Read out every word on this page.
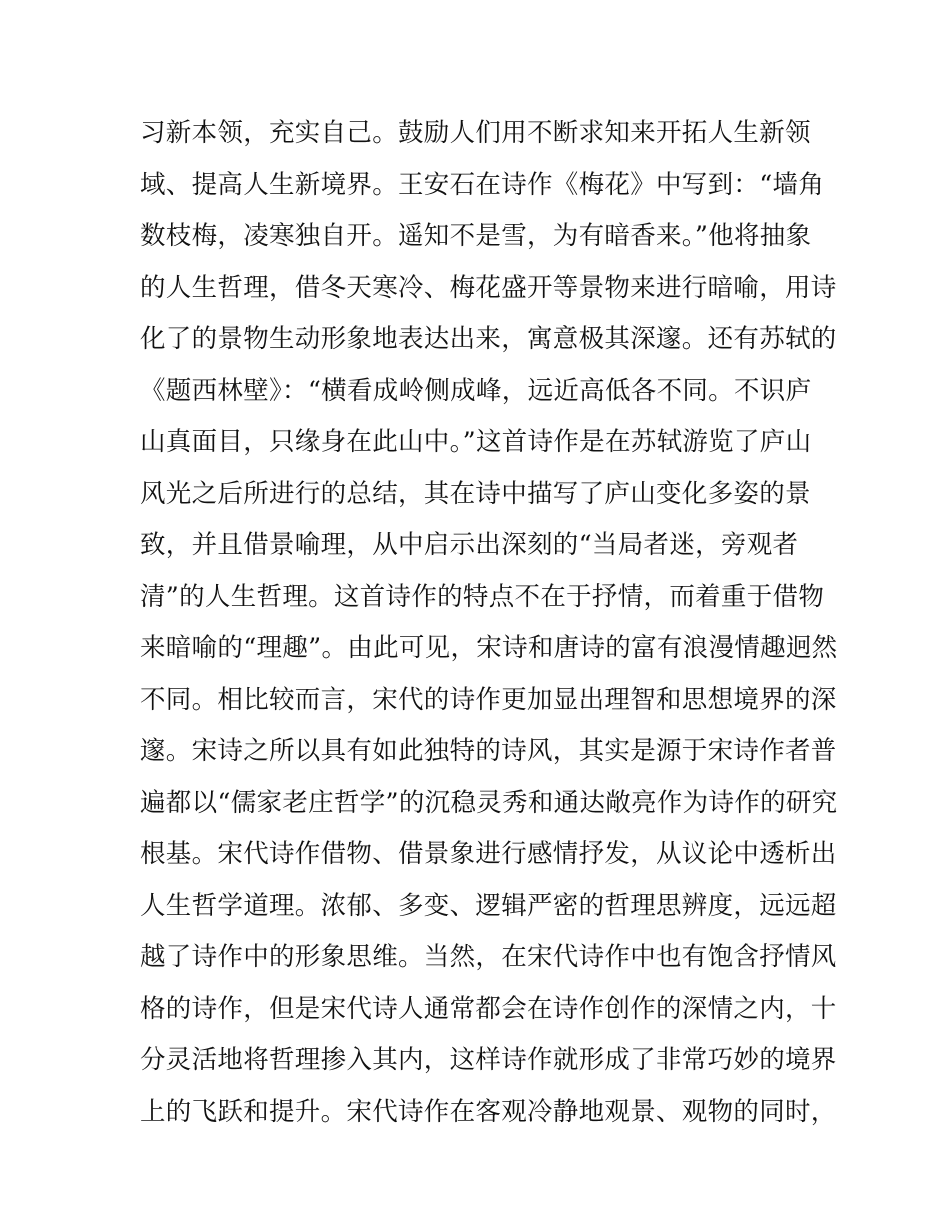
习新本领，充实自己。鼓励人们用不断求知来开拓人生新领
域、提高人生新境界。王安石在诗作《梅花》中写到：“墙角
数枝梅，凌寒独自开。遥知不是雪，为有暗香来。”他将抽象
的人生哲理，借冬天寒冷、梅花盛开等景物来进行暗喻，用诗
化了的景物生动形象地表达出来，寓意极其深邃。还有苏轼的
《题西林壁》：“横看成岭侧成峰，远近高低各不同。不识庐
山真面目，只缘身在此山中。”这首诗作是在苏轼游览了庐山
风光之后所进行的总结，其在诗中描写了庐山变化多姿的景
致，并且借景喻理，从中启示出深刻的“当局者迷，旁观者
清”的人生哲理。这首诗作的特点不在于抒情，而着重于借物
来暗喻的“理趣”。由此可见，宋诗和唐诗的富有浪漫情趣迥然
不同。相比较而言，宋代的诗作更加显出理智和思想境界的深
邃。宋诗之所以具有如此独特的诗风，其实是源于宋诗作者普
遍都以“儒家老庄哲学”的沉稳灵秀和通达敞亮作为诗作的研究
根基。宋代诗作借物、借景象进行感情抒发，从议论中透析出
人生哲学道理。浓郁、多变、逻辑严密的哲理思辨度，远远超
越了诗作中的形象思维。当然，在宋代诗作中也有饱含抒情风
格的诗作，但是宋代诗人通常都会在诗作创作的深情之内，十
分灵活地将哲理掺入其内，这样诗作就形成了非常巧妙的境界
上的飞跃和提升。宋代诗作在客观冷静地观景、观物的同时，
